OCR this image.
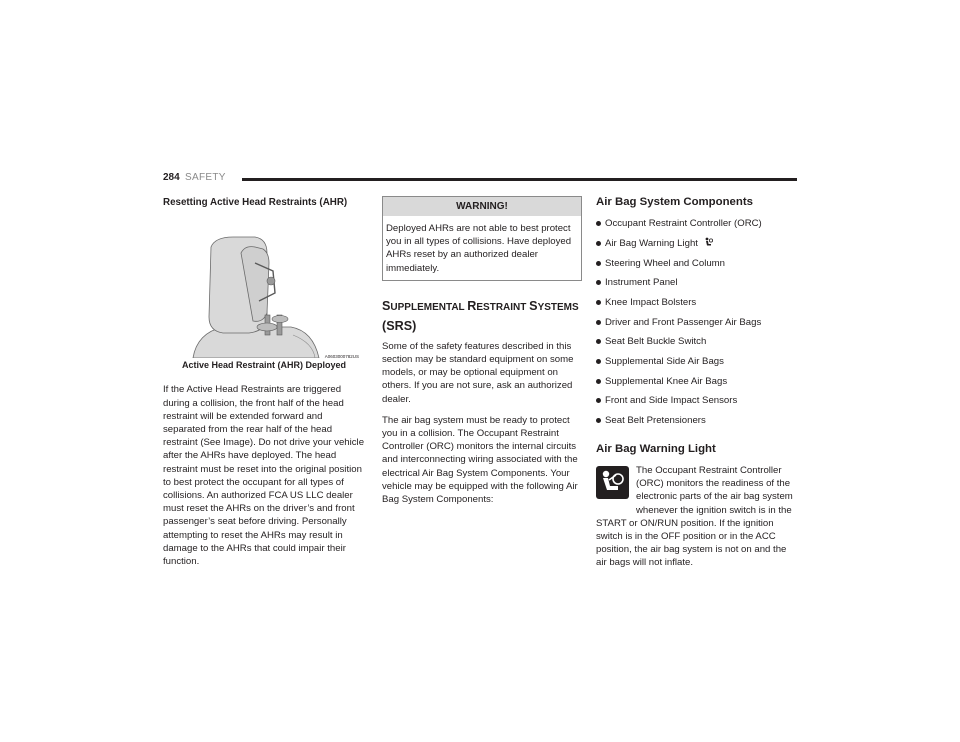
284 SAFETY
Resetting Active Head Restraints (AHR)
A0603000782US
Active Head Restraint (AHR) Deployed

If the Active Head Restraints are triggered during a collision, the front half of the head restraint will be extended forward and separated from the rear half of the head restraint (See Image). Do not drive your vehicle after the AHRs have deployed. The head restraint must be reset into the original position to best protect the occupant for all types of collisions. An authorized FCA US LLC dealer must reset the AHRs on the driver’s and front passenger’s seat before driving. Personally attempting to reset the AHRs may result in damage to the AHRs that could impair their function.

WARNING!
Deployed AHRs are not able to best protect you in all types of collisions. Have deployed AHRs reset by an authorized dealer immediately.
SUPPLEMENTAL RESTRAINT SYSTEMS
(SRS)

Some of the safety features described in this section may be standard equipment on some models, or may be optional equipment on others. If you are not sure, ask an authorized dealer.

The air bag system must be ready to protect you in a collision. The Occupant Restraint Controller (ORC) monitors the internal circuits and interconnecting wiring associated with the electrical Air Bag System Components. Your vehicle may be equipped with the following Air Bag System Components:

Air Bag System Components
Occupant Restraint Controller (ORC)
Air Bag Warning Light
Steering Wheel and Column
Instrument Panel
Knee Impact Bolsters
Driver and Front Passenger Air Bags
Seat Belt Buckle Switch
Supplemental Side Air Bags
Supplemental Knee Air Bags
Front and Side Impact Sensors
Seat Belt Pretensioners
Air Bag Warning Light

The Occupant Restraint Controller (ORC) monitors the readiness of the electronic parts of the air bag system whenever the ignition switch is in the

START or ON/RUN position. If the ignition switch is in the OFF position or in the ACC position, the air bag system is not on and the air bags will not inflate.
